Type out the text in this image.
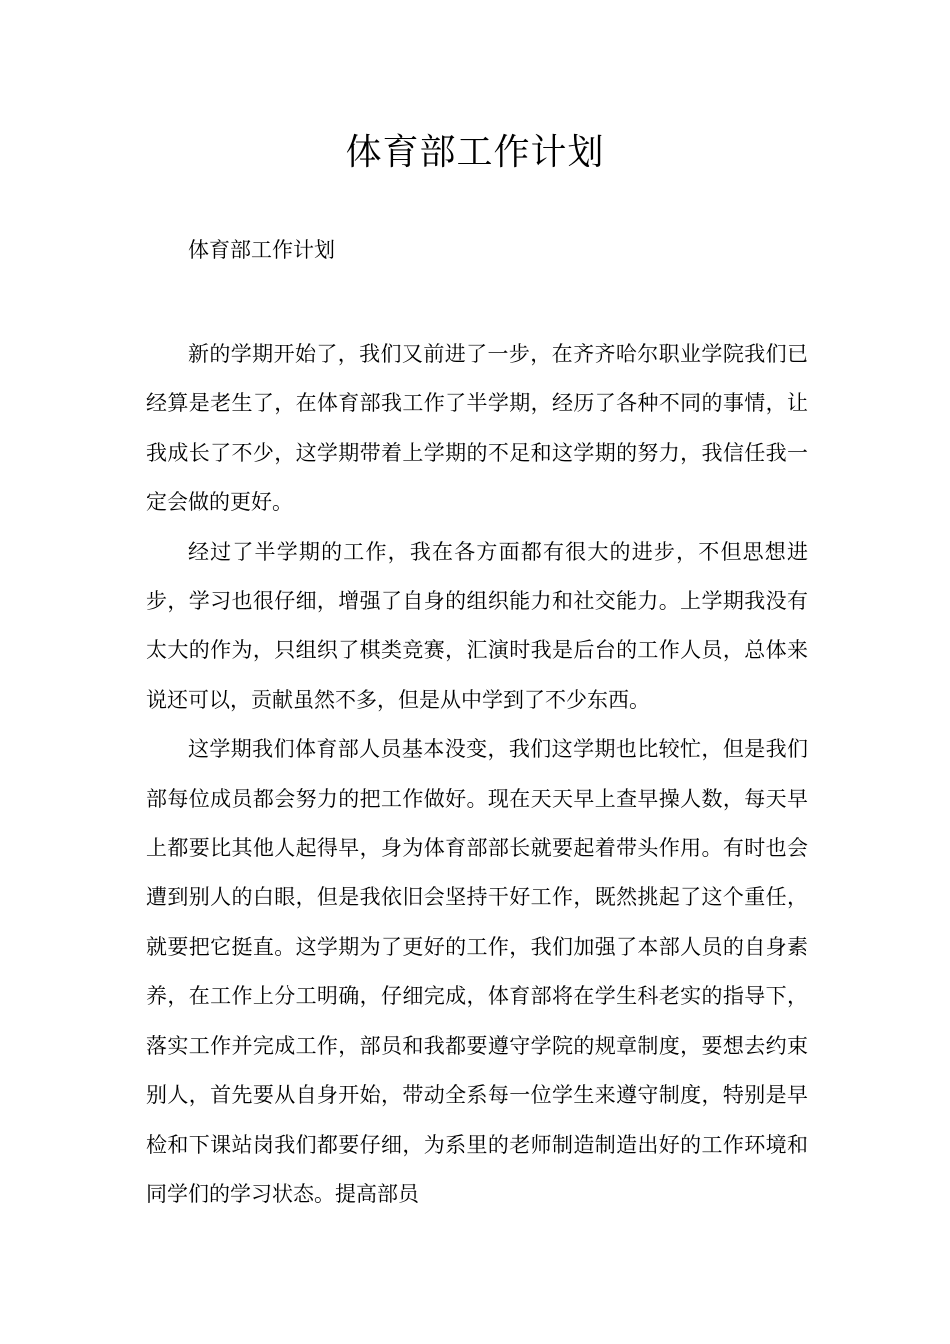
体育部工作计划

体育部工作计划

新的学期开始了，我们又前进了一步，在齐齐哈尔职业学院我们已经算是老生了，在体育部我工作了半学期，经历了各种不同的事情，让我成长了不少，这学期带着上学期的不足和这学期的努力，我信任我一定会做的更好。

经过了半学期的工作，我在各方面都有很大的进步，不但思想进步，学习也很仔细，增强了自身的组织能力和社交能力。上学期我没有太大的作为，只组织了棋类竞赛，汇演时我是后台的工作人员，总体来说还可以，贡献虽然不多，但是从中学到了不少东西。

这学期我们体育部人员基本没变，我们这学期也比较忙，但是我们部每位成员都会努力的把工作做好。现在天天早上查早操人数，每天早上都要比其他人起得早，身为体育部部长就要起着带头作用。有时也会遭到别人的白眼，但是我依旧会坚持干好工作，既然挑起了这个重任，就要把它挺直。这学期为了更好的工作，我们加强了本部人员的自身素养，在工作上分工明确，仔细完成，体育部将在学生科老实的指导下，落实工作并完成工作，部员和我都要遵守学院的规章制度，要想去约束别人，首先要从自身开始，带动全系每一位学生来遵守制度，特别是早检和下课站岗我们都要仔细，为系里的老师制造制造出好的工作环境和同学们的学习状态。提高部员
